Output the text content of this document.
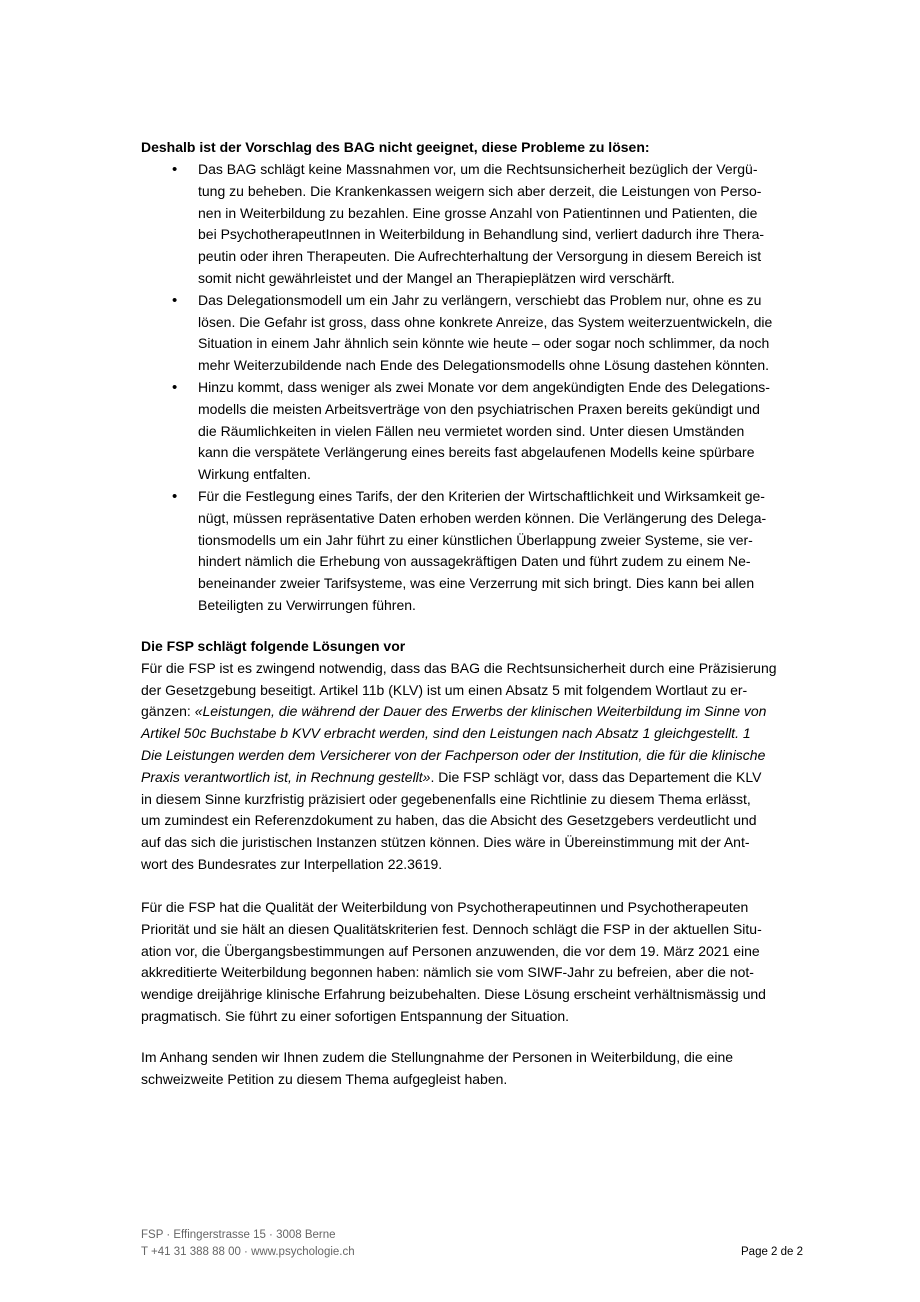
Deshalb ist der Vorschlag des BAG nicht geeignet, diese Probleme zu lösen:
• Das BAG schlägt keine Massnahmen vor, um die Rechtsunsicherheit bezüglich der Vergü-
tung zu beheben. Die Krankenkassen weigern sich aber derzeit, die Leistungen von Perso-
nen in Weiterbildung zu bezahlen. Eine grosse Anzahl von Patientinnen und Patienten, die
bei PsychotherapeutInnen in Weiterbildung in Behandlung sind, verliert dadurch ihre Thera-
peutin oder ihren Therapeuten. Die Aufrechterhaltung der Versorgung in diesem Bereich ist
somit nicht gewährleistet und der Mangel an Therapieplätzen wird verschärft.
• Das Delegationsmodell um ein Jahr zu verlängern, verschiebt das Problem nur, ohne es zu
lösen. Die Gefahr ist gross, dass ohne konkrete Anreize, das System weiterzuentwickeln, die
Situation in einem Jahr ähnlich sein könnte wie heute – oder sogar noch schlimmer, da noch
mehr Weiterzubildende nach Ende des Delegationsmodells ohne Lösung dastehen könnten.
• Hinzu kommt, dass weniger als zwei Monate vor dem angekündigten Ende des Delegations-
modells die meisten Arbeitsverträge von den psychiatrischen Praxen bereits gekündigt und
die Räumlichkeiten in vielen Fällen neu vermietet worden sind. Unter diesen Umständen
kann die verspätete Verlängerung eines bereits fast abgelaufenen Modells keine spürbare
Wirkung entfalten.
• Für die Festlegung eines Tarifs, der den Kriterien der Wirtschaftlichkeit und Wirksamkeit ge-
nügt, müssen repräsentative Daten erhoben werden können. Die Verlängerung des Delega-
tionsmodells um ein Jahr führt zu einer künstlichen Überlappung zweier Systeme, sie ver-
hindert nämlich die Erhebung von aussagekräftigen Daten und führt zudem zu einem Ne-
beneinander zweier Tarifsysteme, was eine Verzerrung mit sich bringt. Dies kann bei allen
Beteiligten zu Verwirrungen führen.
Die FSP schlägt folgende Lösungen vor
Für die FSP ist es zwingend notwendig, dass das BAG die Rechtsunsicherheit durch eine Präzisierung
der Gesetzgebung beseitigt. Artikel 11b (KLV) ist um einen Absatz 5 mit folgendem Wortlaut zu er-
gänzen: «Leistungen, die während der Dauer des Erwerbs der klinischen Weiterbildung im Sinne von
Artikel 50c Buchstabe b KVV erbracht werden, sind den Leistungen nach Absatz 1 gleichgestellt. 1
Die Leistungen werden dem Versicherer von der Fachperson oder der Institution, die für die klinische
Praxis verantwortlich ist, in Rechnung gestellt». Die FSP schlägt vor, dass das Departement die KLV
in diesem Sinne kurzfristig präzisiert oder gegebenenfalls eine Richtlinie zu diesem Thema erlässt,
um zumindest ein Referenzdokument zu haben, das die Absicht des Gesetzgebers verdeutlicht und
auf das sich die juristischen Instanzen stützen können. Dies wäre in Übereinstimmung mit der Ant-
wort des Bundesrates zur Interpellation 22.3619.
Für die FSP hat die Qualität der Weiterbildung von Psychotherapeutinnen und Psychotherapeuten
Priorität und sie hält an diesen Qualitätskriterien fest. Dennoch schlägt die FSP in der aktuellen Situ-
ation vor, die Übergangsbestimmungen auf Personen anzuwenden, die vor dem 19. März 2021 eine
akkreditierte Weiterbildung begonnen haben: nämlich sie vom SIWF-Jahr zu befreien, aber die not-
wendige dreijährige klinische Erfahrung beizubehalten. Diese Lösung erscheint verhältnismässig und
pragmatisch. Sie führt zu einer sofortigen Entspannung der Situation.
Im Anhang senden wir Ihnen zudem die Stellungnahme der Personen in Weiterbildung, die eine
schweizweite Petition zu diesem Thema aufgegleist haben.
FSP · Effingerstrasse 15 · 3008 Berne
T +41 31 388 88 00 · www.psychologie.ch	Page 2 de 2
